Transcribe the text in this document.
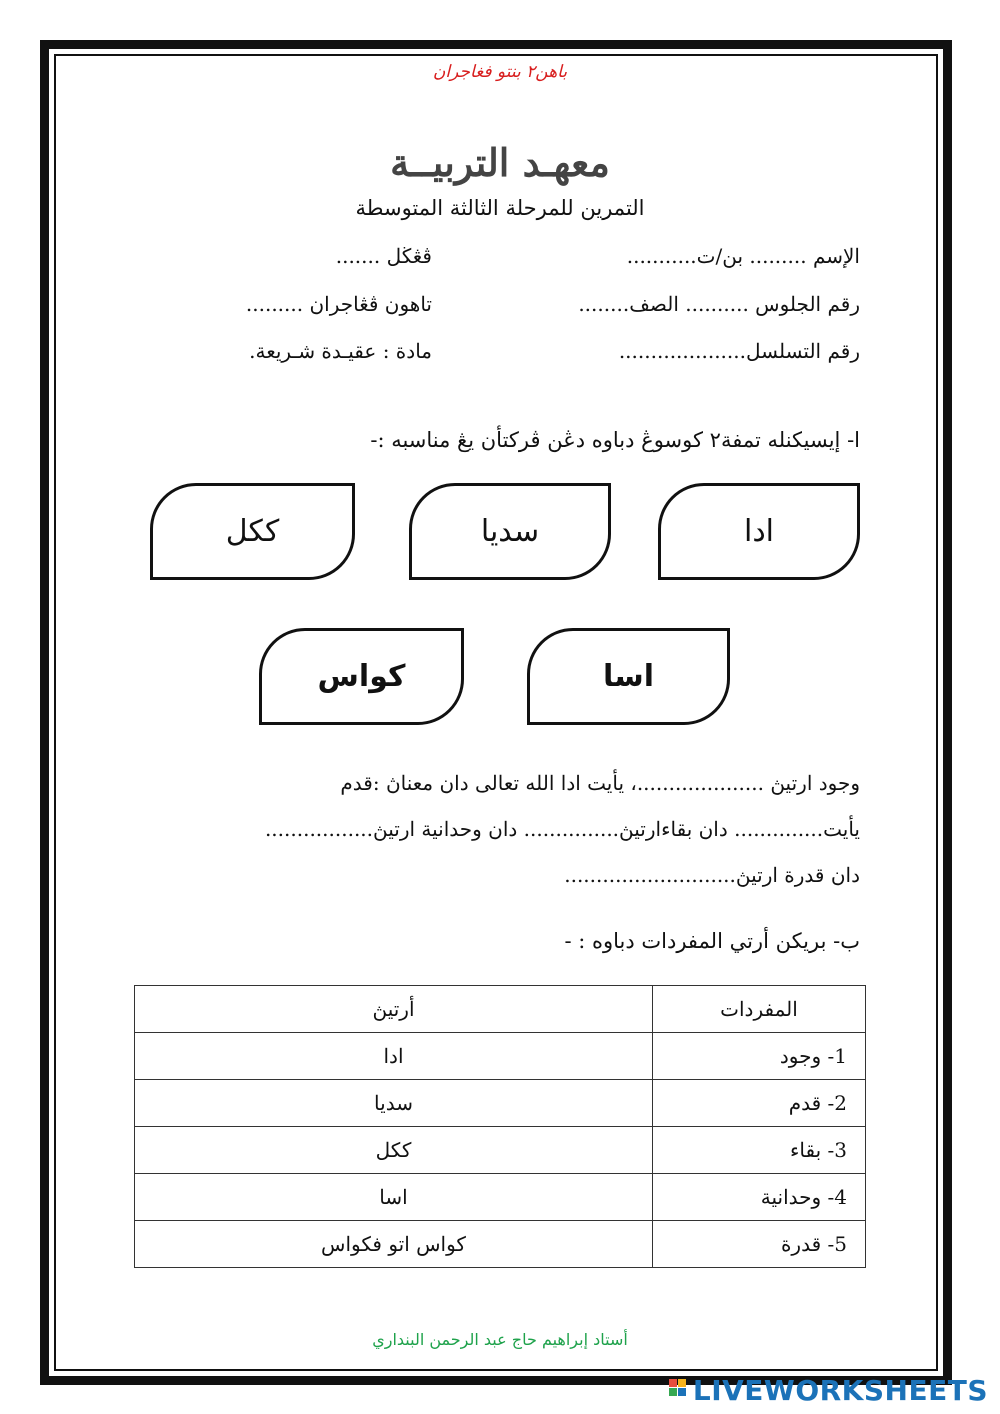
باهن٢ بنتو فغاجران
معهـد التربيــة
التمرين للمرحلة الثالثة المتوسطة
الإسم ......... بن/ت...........
ڤڠڬل .......
رقم الجلوس .......... الصف........
تاهون ڤڠاجران .........
رقم التسلسل....................
مادة : عقيـدة شـريعة.
ا- إيسيكنله تمفة٢ كوسوڠ دباوه دڠن ڤركتأن يڠ مناسبه :-
ادا
سديا
ككل
اسا
كواس
وجود ارتيڽ ....................، يأيت ادا الله تعالى دان معناڽ :قدم
يأيت.............. دان بقاءارتيڽ............... دان وحدانية ارتيڽ.................
دان قدرة ارتيڽ...........................
ب- بريكن أرتي المفردات دباوه : -
أرتيڽ	المفردات
ادا	1- وجود
سديا	2- قدم
ككل	3- بقاء
اسا	4- وحدانية
كواس اتو فكواس	5- قدرة
أستاد إبراهيم حاج عبد الرحمن البنداري
LIVEWORKSHEETS
